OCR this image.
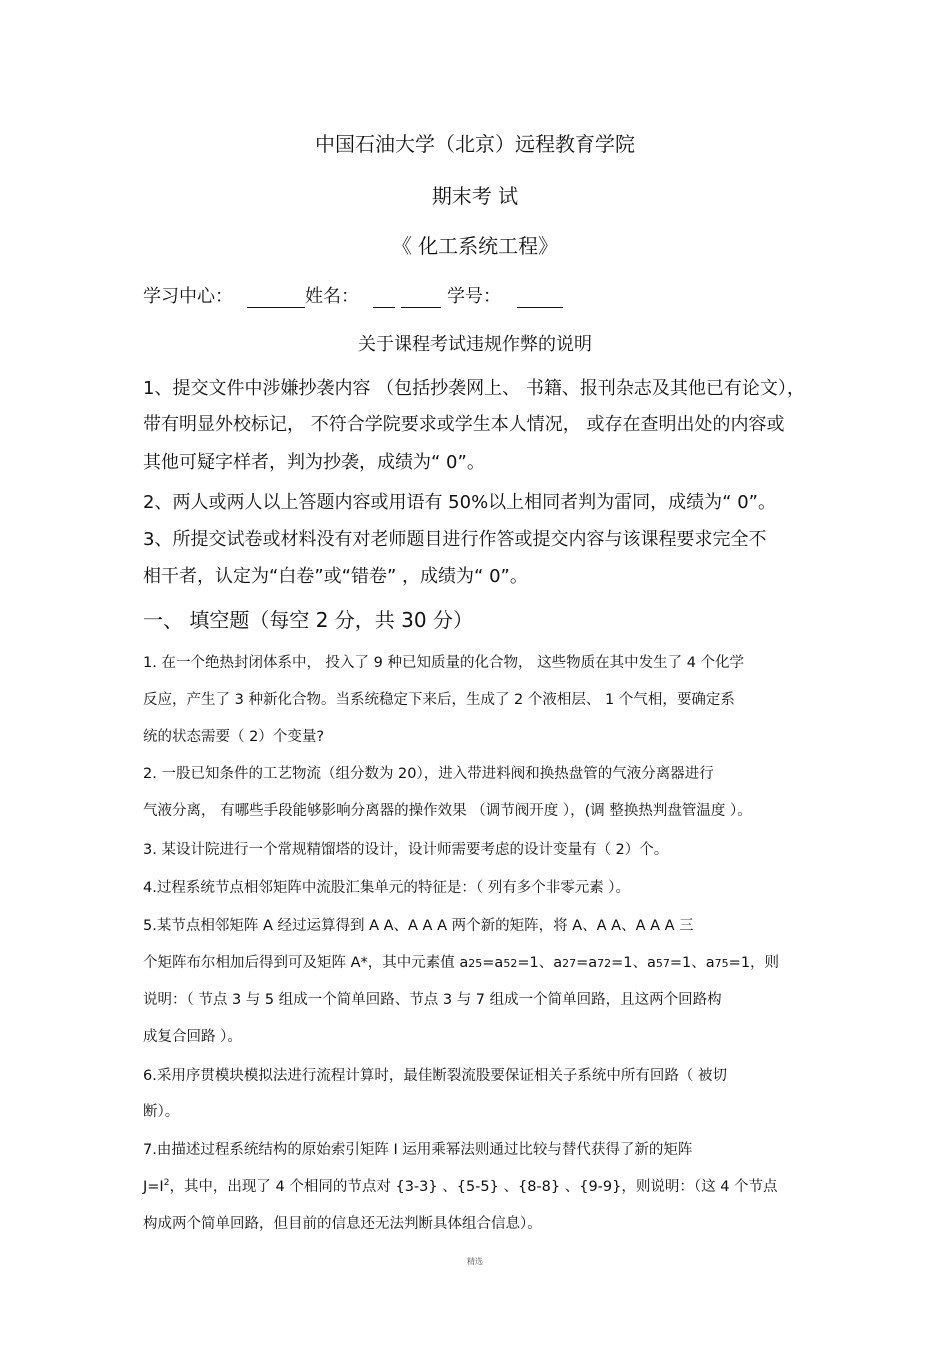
中国石油大学（北京）远程教育学院

期末考 试

《 化工系统工程》

学习中心：	姓名：	学号：

关于课程考试违规作弊的说明

1、提交文件中涉嫌抄袭内容 （包括抄袭网上、 书籍、报刊杂志及其他已有论文），

带有明显外校标记， 不符合学院要求或学生本人情况， 或存在查明出处的内容或

其他可疑字样者，判为抄袭，成绩为“ 0”。

2、两人或两人以上答题内容或用语有 50%以上相同者判为雷同，成绩为“ 0”。

3、所提交试卷或材料没有对老师题目进行作答或提交内容与该课程要求完全不

相干者，认定为“白卷”或“错卷” ，成绩为“ 0”。

一、 填空题（每空 2 分，共 30 分）

1. 在一个绝热封闭体系中， 投入了 9 种已知质量的化合物， 这些物质在其中发生了 4 个化学

反应，产生了 3 种新化合物。当系统稳定下来后，生成了 2 个液相层、 1 个气相，要确定系

统的状态需要（ 2）个变量?

2. 一股已知条件的工艺物流（组分数为 20），进入带进料阀和换热盘管的气液分离器进行

气液分离， 有哪些手段能够影响分离器的操作效果 （调节阀开度 ），(调 整换热判盘管温度 ）。

3. 某设计院进行一个常规精馏塔的设计，设计师需要考虑的设计变量有（ 2）个。

4.过程系统节点相邻矩阵中流股汇集单元的特征是：（ 列有多个非零元素 ）。

5.某节点相邻矩阵 A 经过运算得到 A A、A A A 两个新的矩阵，将 A、A A、A A A 三

个矩阵布尔相加后得到可及矩阵 A*，其中元素值 a25=a52=1、a27=a72=1、a57=1、a75=1，则

说明：（ 节点 3 与 5 组成一个简单回路、节点 3 与 7 组成一个简单回路，且这两个回路构

成复合回路 ）。

6.采用序贯模块模拟法进行流程计算时，最佳断裂流股要保证相关子系统中所有回路（ 被切

断）。

7.由描述过程系统结构的原始索引矩阵 I 运用乘幂法则通过比较与替代获得了新的矩阵

$J=I^2$，其中，出现了 4 个相同的节点对 {3-3} 、{5-5} 、{8-8} 、{9-9}，则说明：（这 4 个节点

构成两个简单回路，但目前的信息还无法判断具体组合信息）。

精选
